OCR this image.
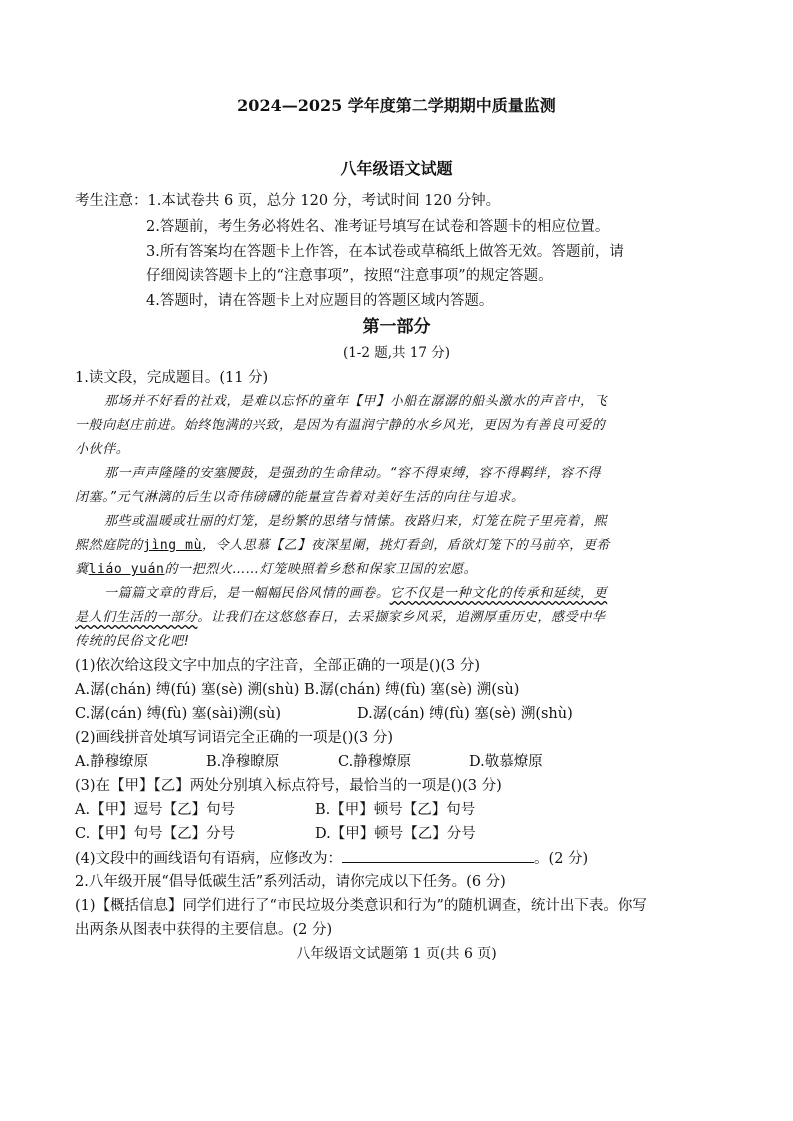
2024—2025 学年度第二学期期中质量监测
八年级语文试题
考生注意：1.本试卷共 6 页，总分 120 分，考试时间 120 分钟。
2.答题前，考生务必将姓名、准考证号填写在试卷和答题卡的相应位置。
3.所有答案均在答题卡上作答，在本试卷或草稿纸上做答无效。答题前，请
仔细阅读答题卡上的“注意事项”，按照“注意事项”的规定答题。
4.答题时，请在答题卡上对应题目的答题区域内答题。
第一部分
(1-2 题,共 17 分)
1.读文段，完成题目。(11 分)
那场并不好看的社戏，是难以忘怀的童年【甲】小船在潺潺的船头激水的声音中，飞
一般向赵庄前进。始终饱满的兴致，是因为有温润宁静的水乡风光，更因为有善良可爱的
小伙伴。
那一声声隆隆的安塞腰鼓，是强劲的生命律动。“容不得束缚，容不得羁绊，容不得
闭塞。”元气淋漓的后生以奇伟磅礴的能量宣告着对美好生活的向往与追求。
那些或温暖或壮丽的灯笼，是纷繁的思绪与情愫。夜路归来，灯笼在院子里亮着，熙
熙然庭院的jìng mù，令人思慕【乙】夜深星阑，挑灯看剑，盾欲灯笼下的马前卒，更希
冀liáo yuán的一把烈火……灯笼映照着乡愁和保家卫国的宏愿。
一篇篇文章的背后，是一幅幅民俗风情的画卷。它不仅是一种文化的传承和延续，更
是人们生活的一部分。让我们在这悠悠春日，去采撷家乡风采，追溯厚重历史，感受中华
传统的民俗文化吧!
(1)依次给这段文字中加点的字注音，全部正确的一项是()(3 分)
A.潺(chán) 缚(fú) 塞(sè) 溯(shù) B.潺(chán) 缚(fù) 塞(sè) 溯(sù)
C.潺(cán) 缚(fù) 塞(sài)溯(sù)	D.潺(cán) 缚(fù) 塞(sè) 溯(shù)
(2)画线拼音处填写词语完全正确的一项是()(3 分)
A.静穆缭原	B.净穆瞭原	C.静穆燎原	D.敬慕燎原
(3)在【甲】【乙】两处分别填入标点符号，最恰当的一项是()(3 分)
A.【甲】逗号【乙】句号	B.【甲】顿号【乙】句号
C.【甲】句号【乙】分号	D.【甲】顿号【乙】分号
(4)文段中的画线语句有语病，应修改为：	。(2 分)
2.八年级开展“倡导低碳生活”系列活动，请你完成以下任务。(6 分)
(1)【概括信息】同学们进行了“市民垃圾分类意识和行为”的随机调查，统计出下表。你写
出两条从图表中获得的主要信息。(2 分)
八年级语文试题第 1 页(共 6 页)
